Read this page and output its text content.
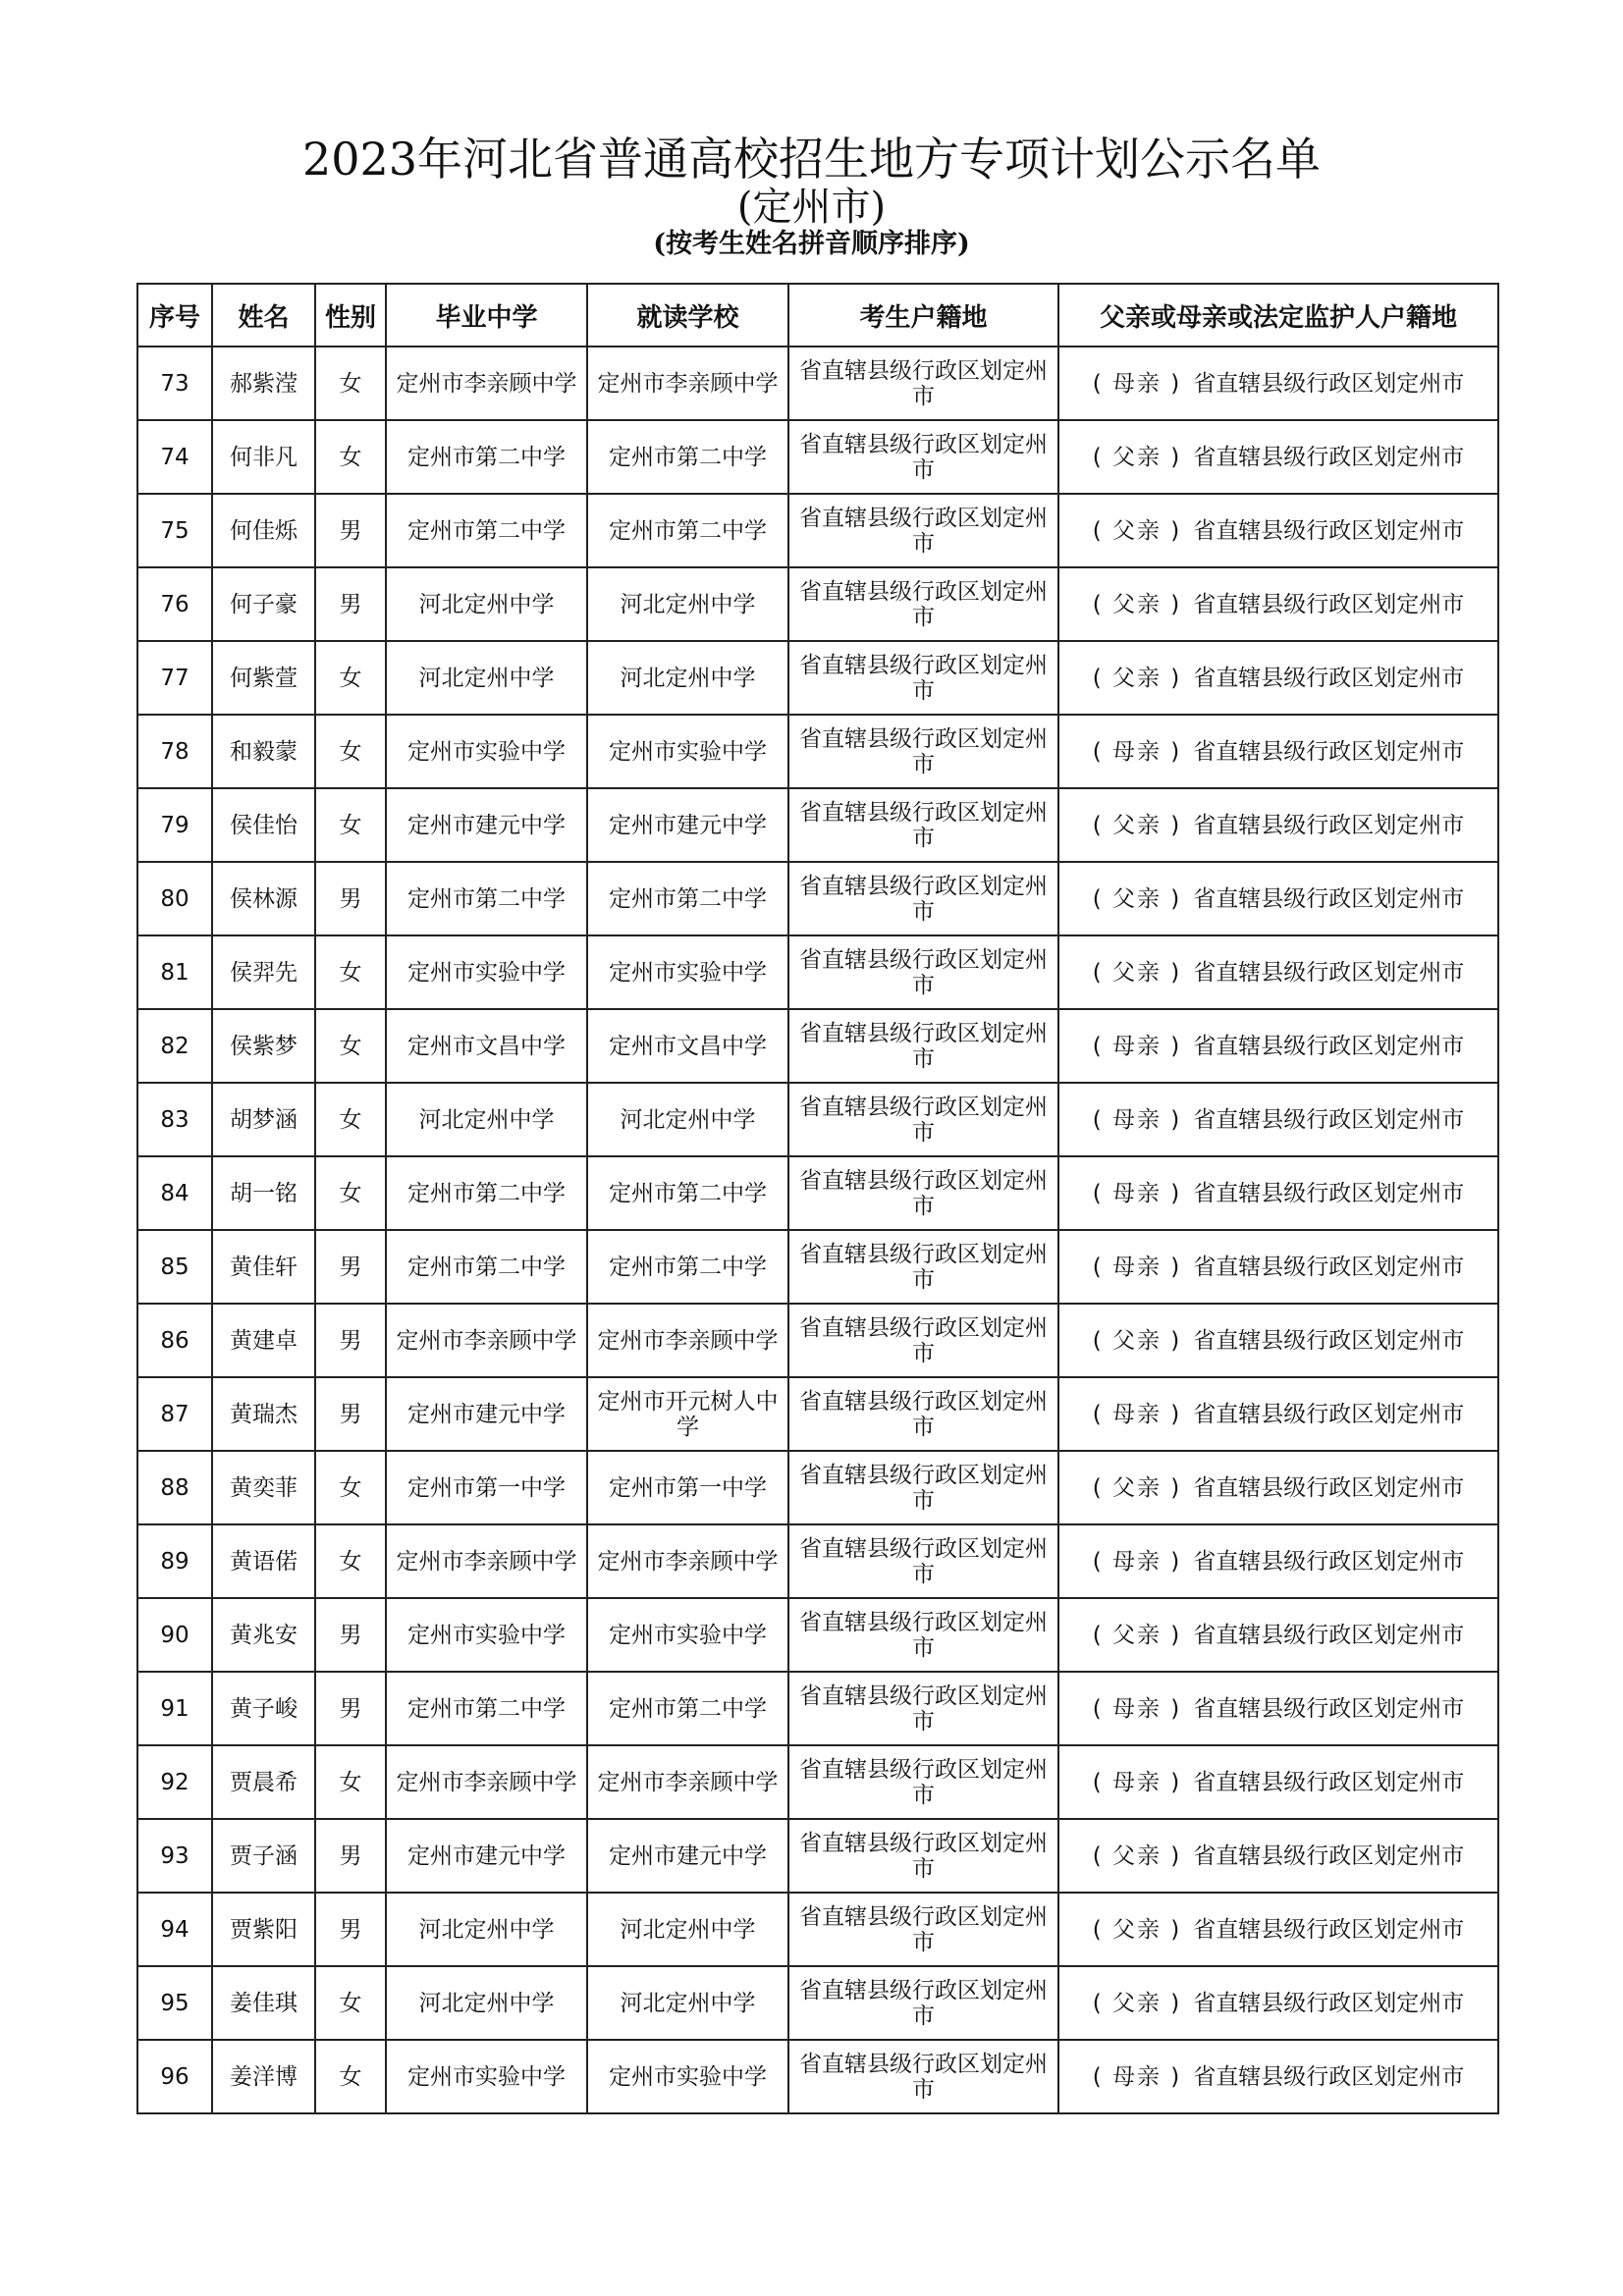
2023年河北省普通高校招生地方专项计划公示名单
(定州市)
(按考生姓名拼音顺序排序)
序号	姓名	性别	毕业中学	就读学校	考生户籍地	父亲或母亲或法定监护人户籍地
73	郝紫滢	女	定州市李亲顾中学	定州市李亲顾中学	省直辖县级行政区划定州市	( 母亲 ) 省直辖县级行政区划定州市
74	何非凡	女	定州市第二中学	定州市第二中学	省直辖县级行政区划定州市	( 父亲 ) 省直辖县级行政区划定州市
75	何佳烁	男	定州市第二中学	定州市第二中学	省直辖县级行政区划定州市	( 父亲 ) 省直辖县级行政区划定州市
76	何子豪	男	河北定州中学	河北定州中学	省直辖县级行政区划定州市	( 父亲 ) 省直辖县级行政区划定州市
77	何紫萱	女	河北定州中学	河北定州中学	省直辖县级行政区划定州市	( 父亲 ) 省直辖县级行政区划定州市
78	和毅蒙	女	定州市实验中学	定州市实验中学	省直辖县级行政区划定州市	( 母亲 ) 省直辖县级行政区划定州市
79	侯佳怡	女	定州市建元中学	定州市建元中学	省直辖县级行政区划定州市	( 父亲 ) 省直辖县级行政区划定州市
80	侯林源	男	定州市第二中学	定州市第二中学	省直辖县级行政区划定州市	( 父亲 ) 省直辖县级行政区划定州市
81	侯羿先	女	定州市实验中学	定州市实验中学	省直辖县级行政区划定州市	( 父亲 ) 省直辖县级行政区划定州市
82	侯紫梦	女	定州市文昌中学	定州市文昌中学	省直辖县级行政区划定州市	( 母亲 ) 省直辖县级行政区划定州市
83	胡梦涵	女	河北定州中学	河北定州中学	省直辖县级行政区划定州市	( 母亲 ) 省直辖县级行政区划定州市
84	胡一铭	女	定州市第二中学	定州市第二中学	省直辖县级行政区划定州市	( 母亲 ) 省直辖县级行政区划定州市
85	黄佳轩	男	定州市第二中学	定州市第二中学	省直辖县级行政区划定州市	( 母亲 ) 省直辖县级行政区划定州市
86	黄建卓	男	定州市李亲顾中学	定州市李亲顾中学	省直辖县级行政区划定州市	( 父亲 ) 省直辖县级行政区划定州市
87	黄瑞杰	男	定州市建元中学	定州市开元树人中学	省直辖县级行政区划定州市	( 母亲 ) 省直辖县级行政区划定州市
88	黄奕菲	女	定州市第一中学	定州市第一中学	省直辖县级行政区划定州市	( 父亲 ) 省直辖县级行政区划定州市
89	黄语偌	女	定州市李亲顾中学	定州市李亲顾中学	省直辖县级行政区划定州市	( 母亲 ) 省直辖县级行政区划定州市
90	黄兆安	男	定州市实验中学	定州市实验中学	省直辖县级行政区划定州市	( 父亲 ) 省直辖县级行政区划定州市
91	黄子峻	男	定州市第二中学	定州市第二中学	省直辖县级行政区划定州市	( 母亲 ) 省直辖县级行政区划定州市
92	贾晨希	女	定州市李亲顾中学	定州市李亲顾中学	省直辖县级行政区划定州市	( 母亲 ) 省直辖县级行政区划定州市
93	贾子涵	男	定州市建元中学	定州市建元中学	省直辖县级行政区划定州市	( 父亲 ) 省直辖县级行政区划定州市
94	贾紫阳	男	河北定州中学	河北定州中学	省直辖县级行政区划定州市	( 父亲 ) 省直辖县级行政区划定州市
95	姜佳琪	女	河北定州中学	河北定州中学	省直辖县级行政区划定州市	( 父亲 ) 省直辖县级行政区划定州市
96	姜洋博	女	定州市实验中学	定州市实验中学	省直辖县级行政区划定州市	( 母亲 ) 省直辖县级行政区划定州市
